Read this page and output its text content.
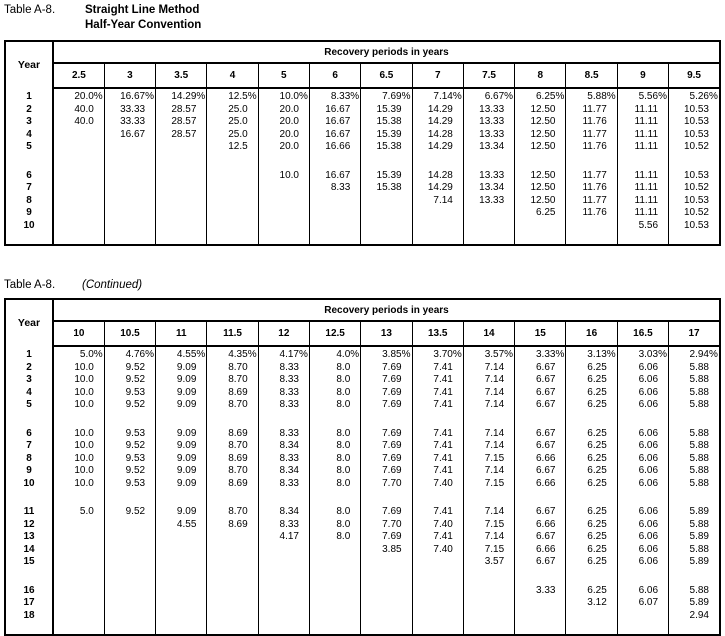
Table A-8.	Straight Line Method
Half-Year Convention
Year	Recovery periods in years												
	2.5	3	3.5	4	5	6	6.5	7	7.5	8	8.5	9	9.5
1	20.0%	16.67%	14.29%	12.5%	10.0%	8.33%	7.69%	7.14%	6.67%	6.25%	5.88%	5.56%	5.26%
2	40.0	33.33	28.57	25.0	20.0	16.67	15.39	14.29	13.33	12.50	11.77	11.11	10.53
3	40.0	33.33	28.57	25.0	20.0	16.67	15.38	14.29	13.33	12.50	11.76	11.11	10.53
4		16.67	28.57	25.0	20.0	16.67	15.39	14.28	13.33	12.50	11.77	11.11	10.53
5				12.5	20.0	16.66	15.38	14.29	13.34	12.50	11.76	11.11	10.52
6					10.0	16.67	15.39	14.28	13.33	12.50	11.77	11.11	10.53
7						8.33	15.38	14.29	13.34	12.50	11.76	11.11	10.52
8								7.14	13.33	12.50	11.77	11.11	10.53
9										6.25	11.76	11.11	10.52
10												5.56	10.53
Table A-8. (Continued)
Year	Recovery periods in years												
	10	10.5	11	11.5	12	12.5	13	13.5	14	15	16	16.5	17
1	5.0%	4.76%	4.55%	4.35%	4.17%	4.0%	3.85%	3.70%	3.57%	3.33%	3.13%	3.03%	2.94%
2	10.0	9.52	9.09	8.70	8.33	8.0	7.69	7.41	7.14	6.67	6.25	6.06	5.88
3	10.0	9.52	9.09	8.70	8.33	8.0	7.69	7.41	7.14	6.67	6.25	6.06	5.88
4	10.0	9.53	9.09	8.69	8.33	8.0	7.69	7.41	7.14	6.67	6.25	6.06	5.88
5	10.0	9.52	9.09	8.70	8.33	8.0	7.69	7.41	7.14	6.67	6.25	6.06	5.88
6	10.0	9.53	9.09	8.69	8.33	8.0	7.69	7.41	7.14	6.67	6.25	6.06	5.88
7	10.0	9.52	9.09	8.70	8.34	8.0	7.69	7.41	7.14	6.67	6.25	6.06	5.88
8	10.0	9.53	9.09	8.69	8.33	8.0	7.69	7.41	7.15	6.66	6.25	6.06	5.88
9	10.0	9.52	9.09	8.70	8.34	8.0	7.69	7.41	7.14	6.67	6.25	6.06	5.88
10	10.0	9.53	9.09	8.69	8.33	8.0	7.70	7.40	7.15	6.66	6.25	6.06	5.88
11	5.0	9.52	9.09	8.70	8.34	8.0	7.69	7.41	7.14	6.67	6.25	6.06	5.89
12			4.55	8.69	8.33	8.0	7.70	7.40	7.15	6.66	6.25	6.06	5.88
13					4.17	8.0	7.69	7.41	7.14	6.67	6.25	6.06	5.89
14							3.85	7.40	7.15	6.66	6.25	6.06	5.88
15									3.57	6.67	6.25	6.06	5.89
16										3.33	6.25	6.06	5.88
17											3.12	6.07	5.89
18													2.94
